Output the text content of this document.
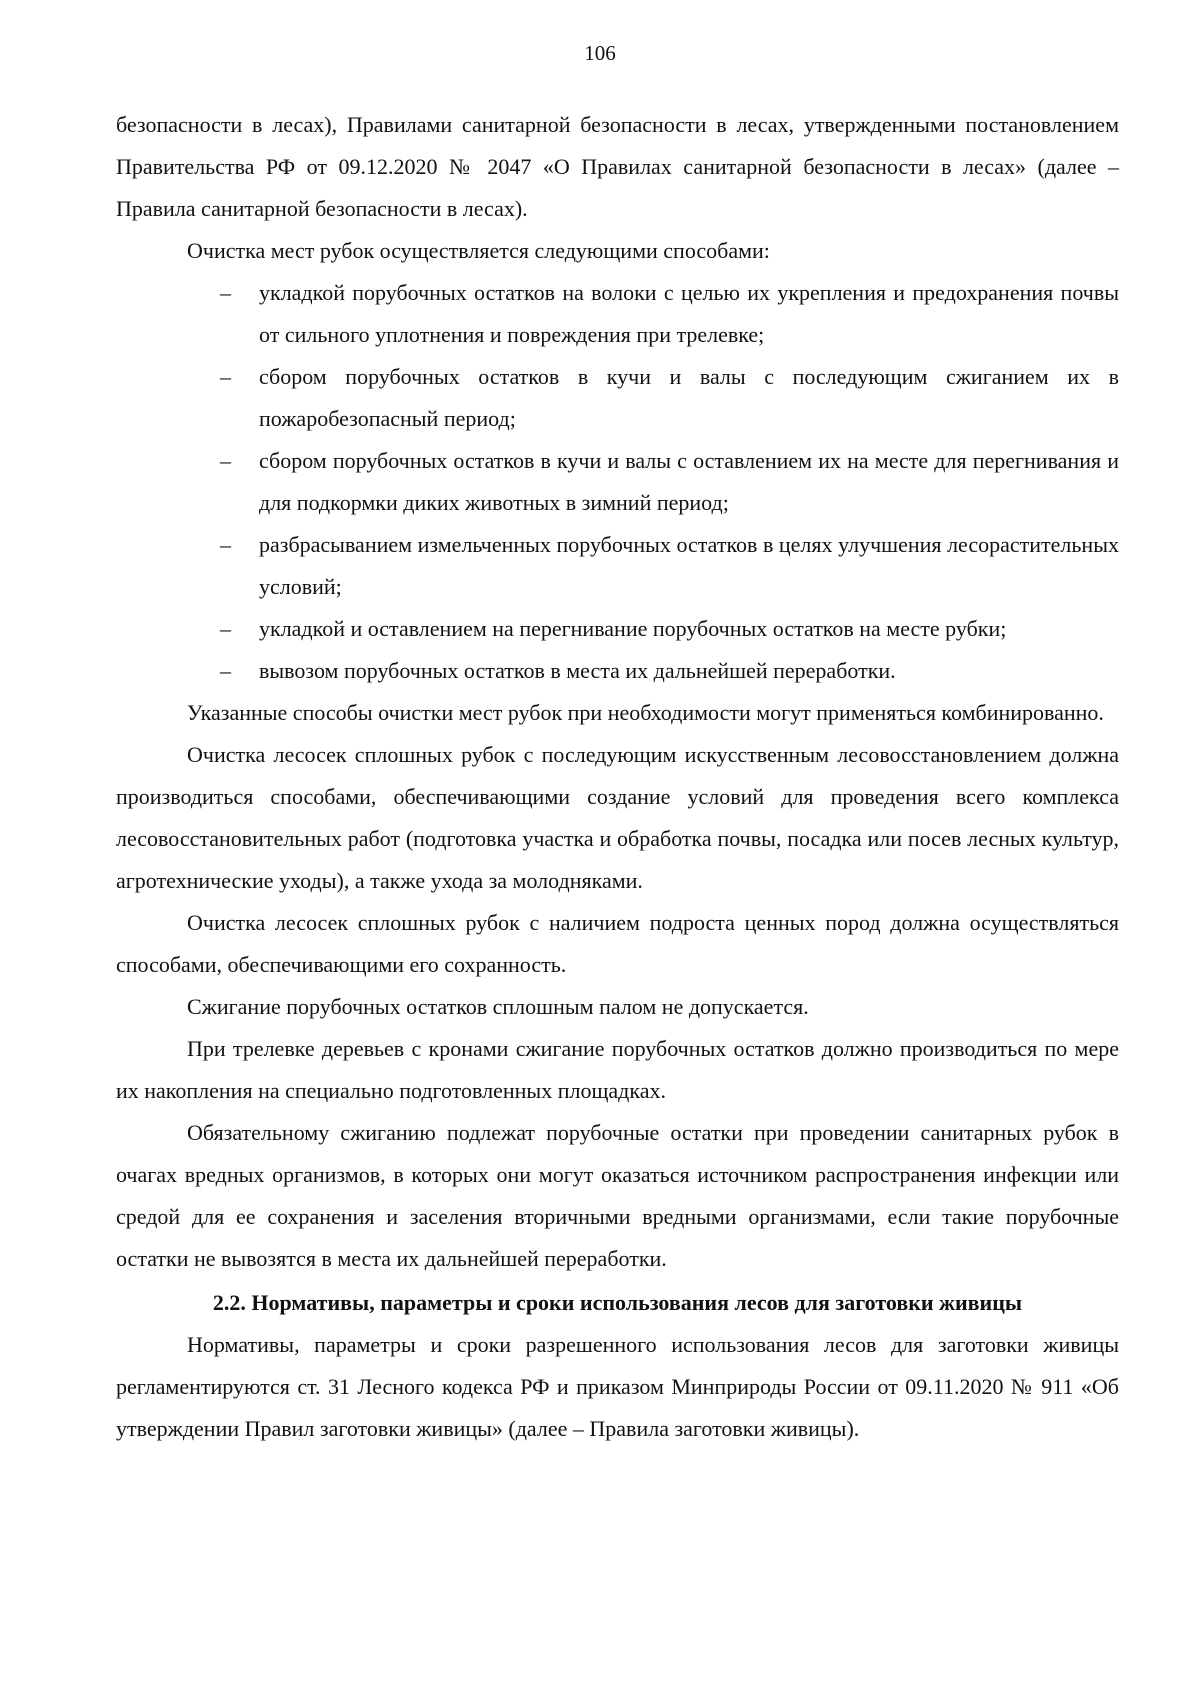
106

безопасности в лесах), Правилами санитарной безопасности в лесах, утвержденными постановлением Правительства РФ от 09.12.2020 № 2047 «О Правилах санитарной безопасности в лесах» (далее – Правила санитарной безопасности в лесах).

Очистка мест рубок осуществляется следующими способами:

– укладкой порубочных остатков на волоки с целью их укрепления и предохранения почвы от сильного уплотнения и повреждения при трелевке;
– сбором порубочных остатков в кучи и валы с последующим сжиганием их в пожаробезопасный период;
– сбором порубочных остатков в кучи и валы с оставлением их на месте для перегнивания и для подкормки диких животных в зимний период;
– разбрасыванием измельченных порубочных остатков в целях улучшения лесорастительных условий;
– укладкой и оставлением на перегнивание порубочных остатков на месте рубки;
– вывозом порубочных остатков в места их дальнейшей переработки.

Указанные способы очистки мест рубок при необходимости могут применяться комбинированно.

Очистка лесосек сплошных рубок с последующим искусственным лесовосстановлением должна производиться способами, обеспечивающими создание условий для проведения всего комплекса лесовосстановительных работ (подготовка участка и обработка почвы, посадка или посев лесных культур, агротехнические уходы), а также ухода за молодняками.

Очистка лесосек сплошных рубок с наличием подроста ценных пород должна осуществляться способами, обеспечивающими его сохранность.

Сжигание порубочных остатков сплошным палом не допускается.

При трелевке деревьев с кронами сжигание порубочных остатков должно производиться по мере их накопления на специально подготовленных площадках.

Обязательному сжиганию подлежат порубочные остатки при проведении санитарных рубок в очагах вредных организмов, в которых они могут оказаться источником распространения инфекции или средой для ее сохранения и заселения вторичными вредными организмами, если такие порубочные остатки не вывозятся в места их дальнейшей переработки.

2.2. Нормативы, параметры и сроки использования лесов для заготовки живицы

Нормативы, параметры и сроки разрешенного использования лесов для заготовки живицы регламентируются ст. 31 Лесного кодекса РФ и приказом Минприроды России от 09.11.2020 № 911 «Об утверждении Правил заготовки живицы» (далее – Правила заготовки живицы).
